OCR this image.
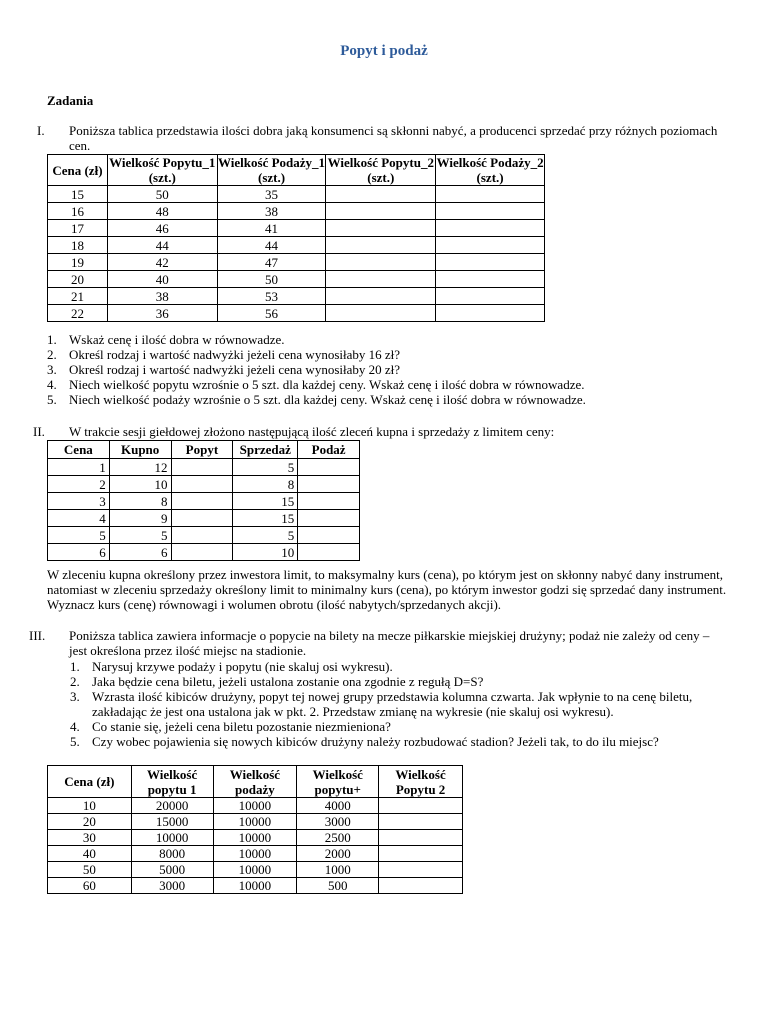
Popyt i podaż
Zadania
I. Poniższa tablica przedstawia ilości dobra jaką konsumenci są skłonni nabyć, a producenci sprzedać przy różnych poziomach cen.
Cena (zł)	Wielkość Popytu_1 (szt.)	Wielkość Podaży_1 (szt.)	Wielkość Popytu_2 (szt.)	Wielkość Podaży_2 (szt.)
15	50	35		
16	48	38		
17	46	41		
18	44	44		
19	42	47		
20	40	50		
21	38	53		
22	36	56		
1. Wskaż cenę i ilość dobra w równowadze.
2. Określ rodzaj i wartość nadwyżki jeżeli cena wynosiłaby 16 zł?
3. Określ rodzaj i wartość nadwyżki jeżeli cena wynosiłaby 20 zł?
4. Niech wielkość popytu wzrośnie o 5 szt. dla każdej ceny. Wskaż cenę i ilość dobra w równowadze.
5. Niech wielkość podaży wzrośnie o 5 szt. dla każdej ceny. Wskaż cenę i ilość dobra w równowadze.
II. W trakcie sesji giełdowej złożono następującą ilość zleceń kupna i sprzedaży z limitem ceny:
Cena	Kupno	Popyt	Sprzedaż	Podaż
1	12		5	
2	10		8	
3	8		15	
4	9		15	
5	5		5	
6	6		10	
W zleceniu kupna określony przez inwestora limit, to maksymalny kurs (cena), po którym jest on skłonny nabyć dany instrument, natomiast w zleceniu sprzedaży określony limit to minimalny kurs (cena), po którym inwestor godzi się sprzedać dany instrument. Wyznacz kurs (cenę) równowagi i wolumen obrotu (ilość nabytych/sprzedanych akcji).
III. Poniższa tablica zawiera informacje o popycie na bilety na mecze piłkarskie miejskiej drużyny; podaż nie zależy od ceny – jest określona przez ilość miejsc na stadionie.
1. Narysuj krzywe podaży i popytu (nie skaluj osi wykresu).
2. Jaka będzie cena biletu, jeżeli ustalona zostanie ona zgodnie z regułą D=S?
3. Wzrasta ilość kibiców drużyny, popyt tej nowej grupy przedstawia kolumna czwarta. Jak wpłynie to na cenę biletu, zakładając że jest ona ustalona jak w pkt. 2. Przedstaw zmianę na wykresie (nie skaluj osi wykresu).
4. Co stanie się, jeżeli cena biletu pozostanie niezmieniona?
5. Czy wobec pojawienia się nowych kibiców drużyny należy rozbudować stadion? Jeżeli tak, to do ilu miejsc?
Cena (zł)	Wielkość popytu 1	Wielkość podaży	Wielkość popytu+	Wielkość Popytu 2
10	20000	10000	4000	
20	15000	10000	3000	
30	10000	10000	2500	
40	8000	10000	2000	
50	5000	10000	1000	
60	3000	10000	500	
